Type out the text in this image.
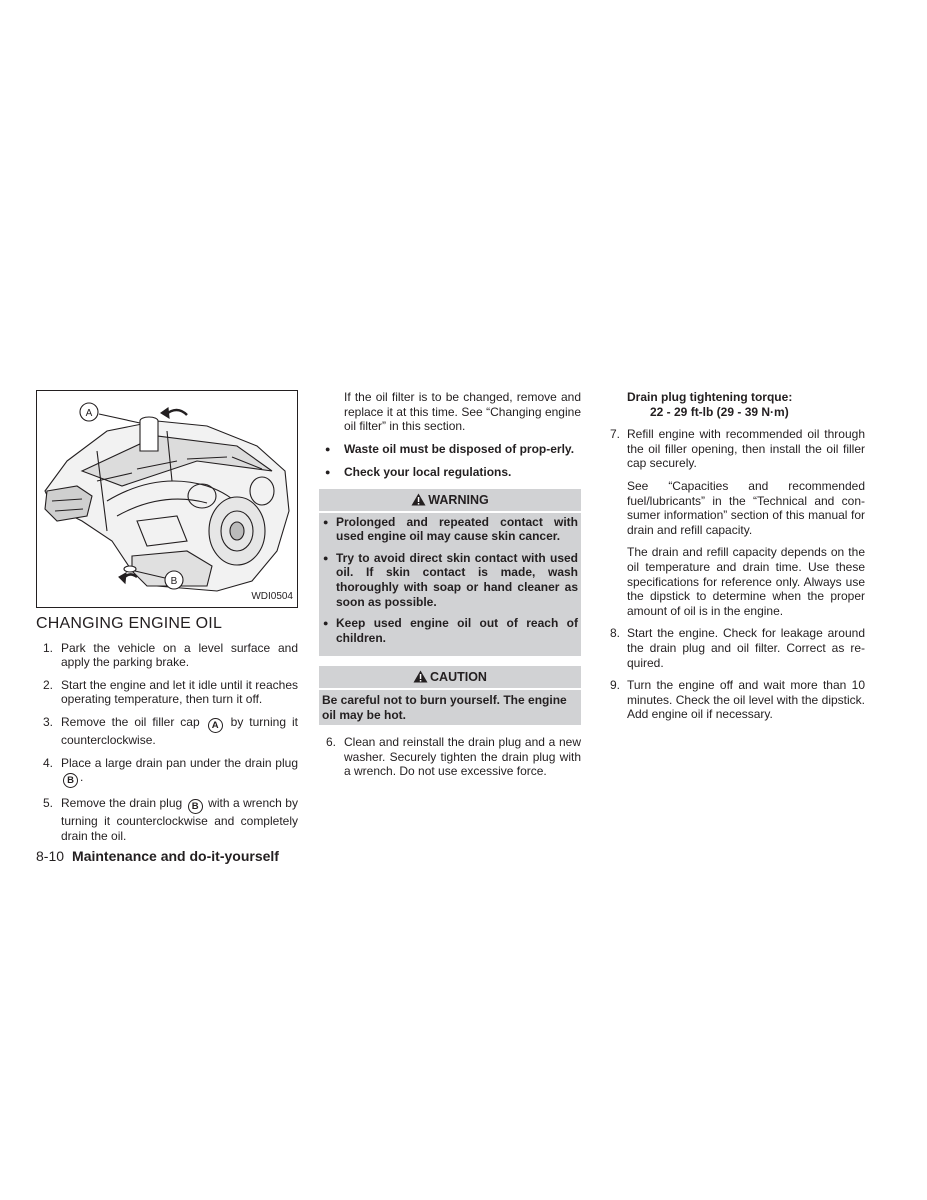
A
B
WDI0504
CHANGING ENGINE OIL
1. Park the vehicle on a level surface and apply the parking brake.
2. Start the engine and let it idle until it reaches operating temperature, then turn it off.
3. Remove the oil filler cap A by turning it counterclockwise.
4. Place a large drain pan under the drain plug B .
5. Remove the drain plug B with a wrench by turning it counterclockwise and completely drain the oil.

If the oil filter is to be changed, remove and replace it at this time. See “Changing engine oil filter” in this section.

● Waste oil must be disposed of prop-erly.
● Check your local regulations.
WARNING
● Prolonged and repeated contact with used engine oil may cause skin cancer.
● Try to avoid direct skin contact with used oil. If skin contact is made, wash thoroughly with soap or hand cleaner as soon as possible.
● Keep used engine oil out of reach of children.
CAUTION
Be careful not to burn yourself. The engine oil may be hot.
6. Clean and reinstall the drain plug and a new washer. Securely tighten the drain plug with a wrench. Do not use excessive force.
Drain plug tightening torque:
22 - 29 ft-lb (29 - 39 N·m)
7. Refill engine with recommended oil through the oil filler opening, then install the oil filler cap securely.

See “Capacities and recommended fuel/lubricants” in the “Technical and con-sumer information” section of this manual for drain and refill capacity.

The drain and refill capacity depends on the oil temperature and drain time. Use these specifications for reference only. Always use the dipstick to determine when the proper amount of oil is in the engine.

8. Start the engine. Check for leakage around the drain plug and oil filter. Correct as re-quired.
9. Turn the engine off and wait more than 10 minutes. Check the oil level with the dipstick. Add engine oil if necessary.
8-10 Maintenance and do-it-yourself
